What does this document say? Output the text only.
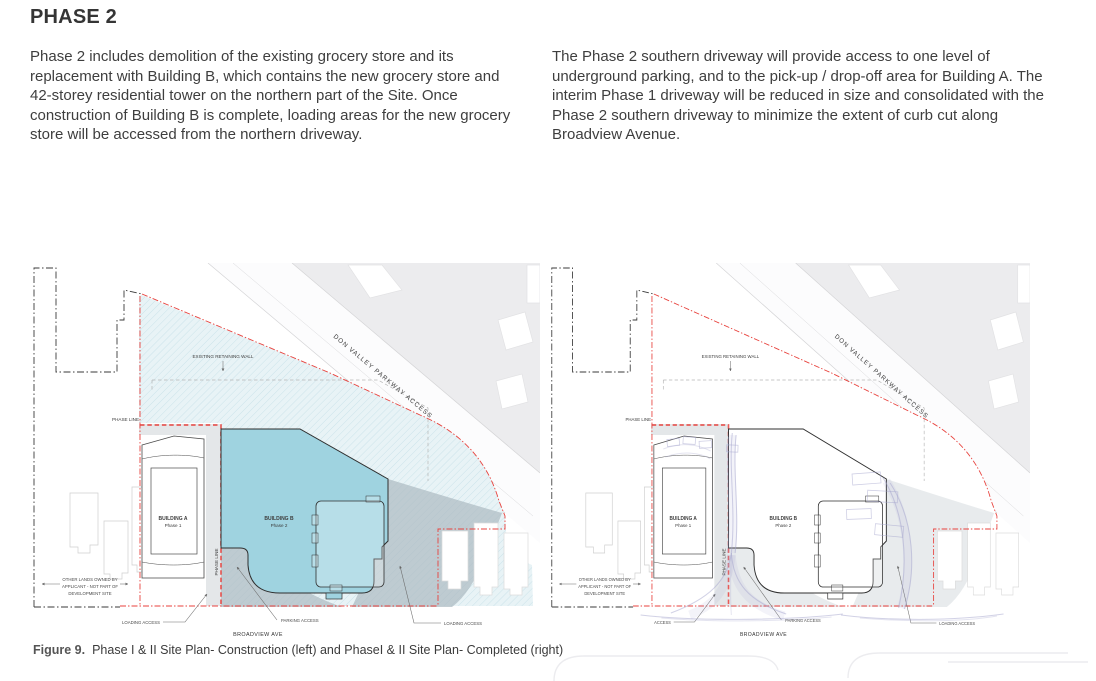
PHASE 2

Phase 2 includes demolition of the existing grocery store and its replacement with Building B, which contains the new grocery store and 42-storey residential tower on the northern part of the Site. Once construction of Building B is complete, loading areas for the new grocery store will be accessed from the northern driveway.

The Phase 2 southern driveway will provide access to one level of underground parking, and to the pick-up / drop-off area for Building A. The interim Phase 1 driveway will be reduced in size and consolidated with the Phase 2 southern driveway to minimize the extent of curb cut along Broadview Avenue.

DON VALLEY PARKWAY ACCESS
EXISTING RETAINING WALL
PHASE LINE
PHASE LINE
BUILDING A
Phase 1
BUILDING B
Phase 2
OTHER LANDS OWNED BY
APPLICANT - NOT PART OF
DEVELOPMENT SITE
LOADING ACCESS	PARKING ACCESS
LOADING ACCESS
BROADVIEW AVE
DON VALLEY PARKWAY ACCESS
EXISTING RETAINING WALL
PHASE LINE
PHASE LINE
BUILDING A
Phase 1
BUILDING B
Phase 2
OTHER LANDS OWNED BY
APPLICANT - NOT PART OF
DEVELOPMENT SITE
ACCESS	PARKING ACCESS
LOADING ACCESS
BROADVIEW AVE

Figure 9. Phase I & II Site Plan- Construction (left) and PhaseI & II Site Plan- Completed (right)
